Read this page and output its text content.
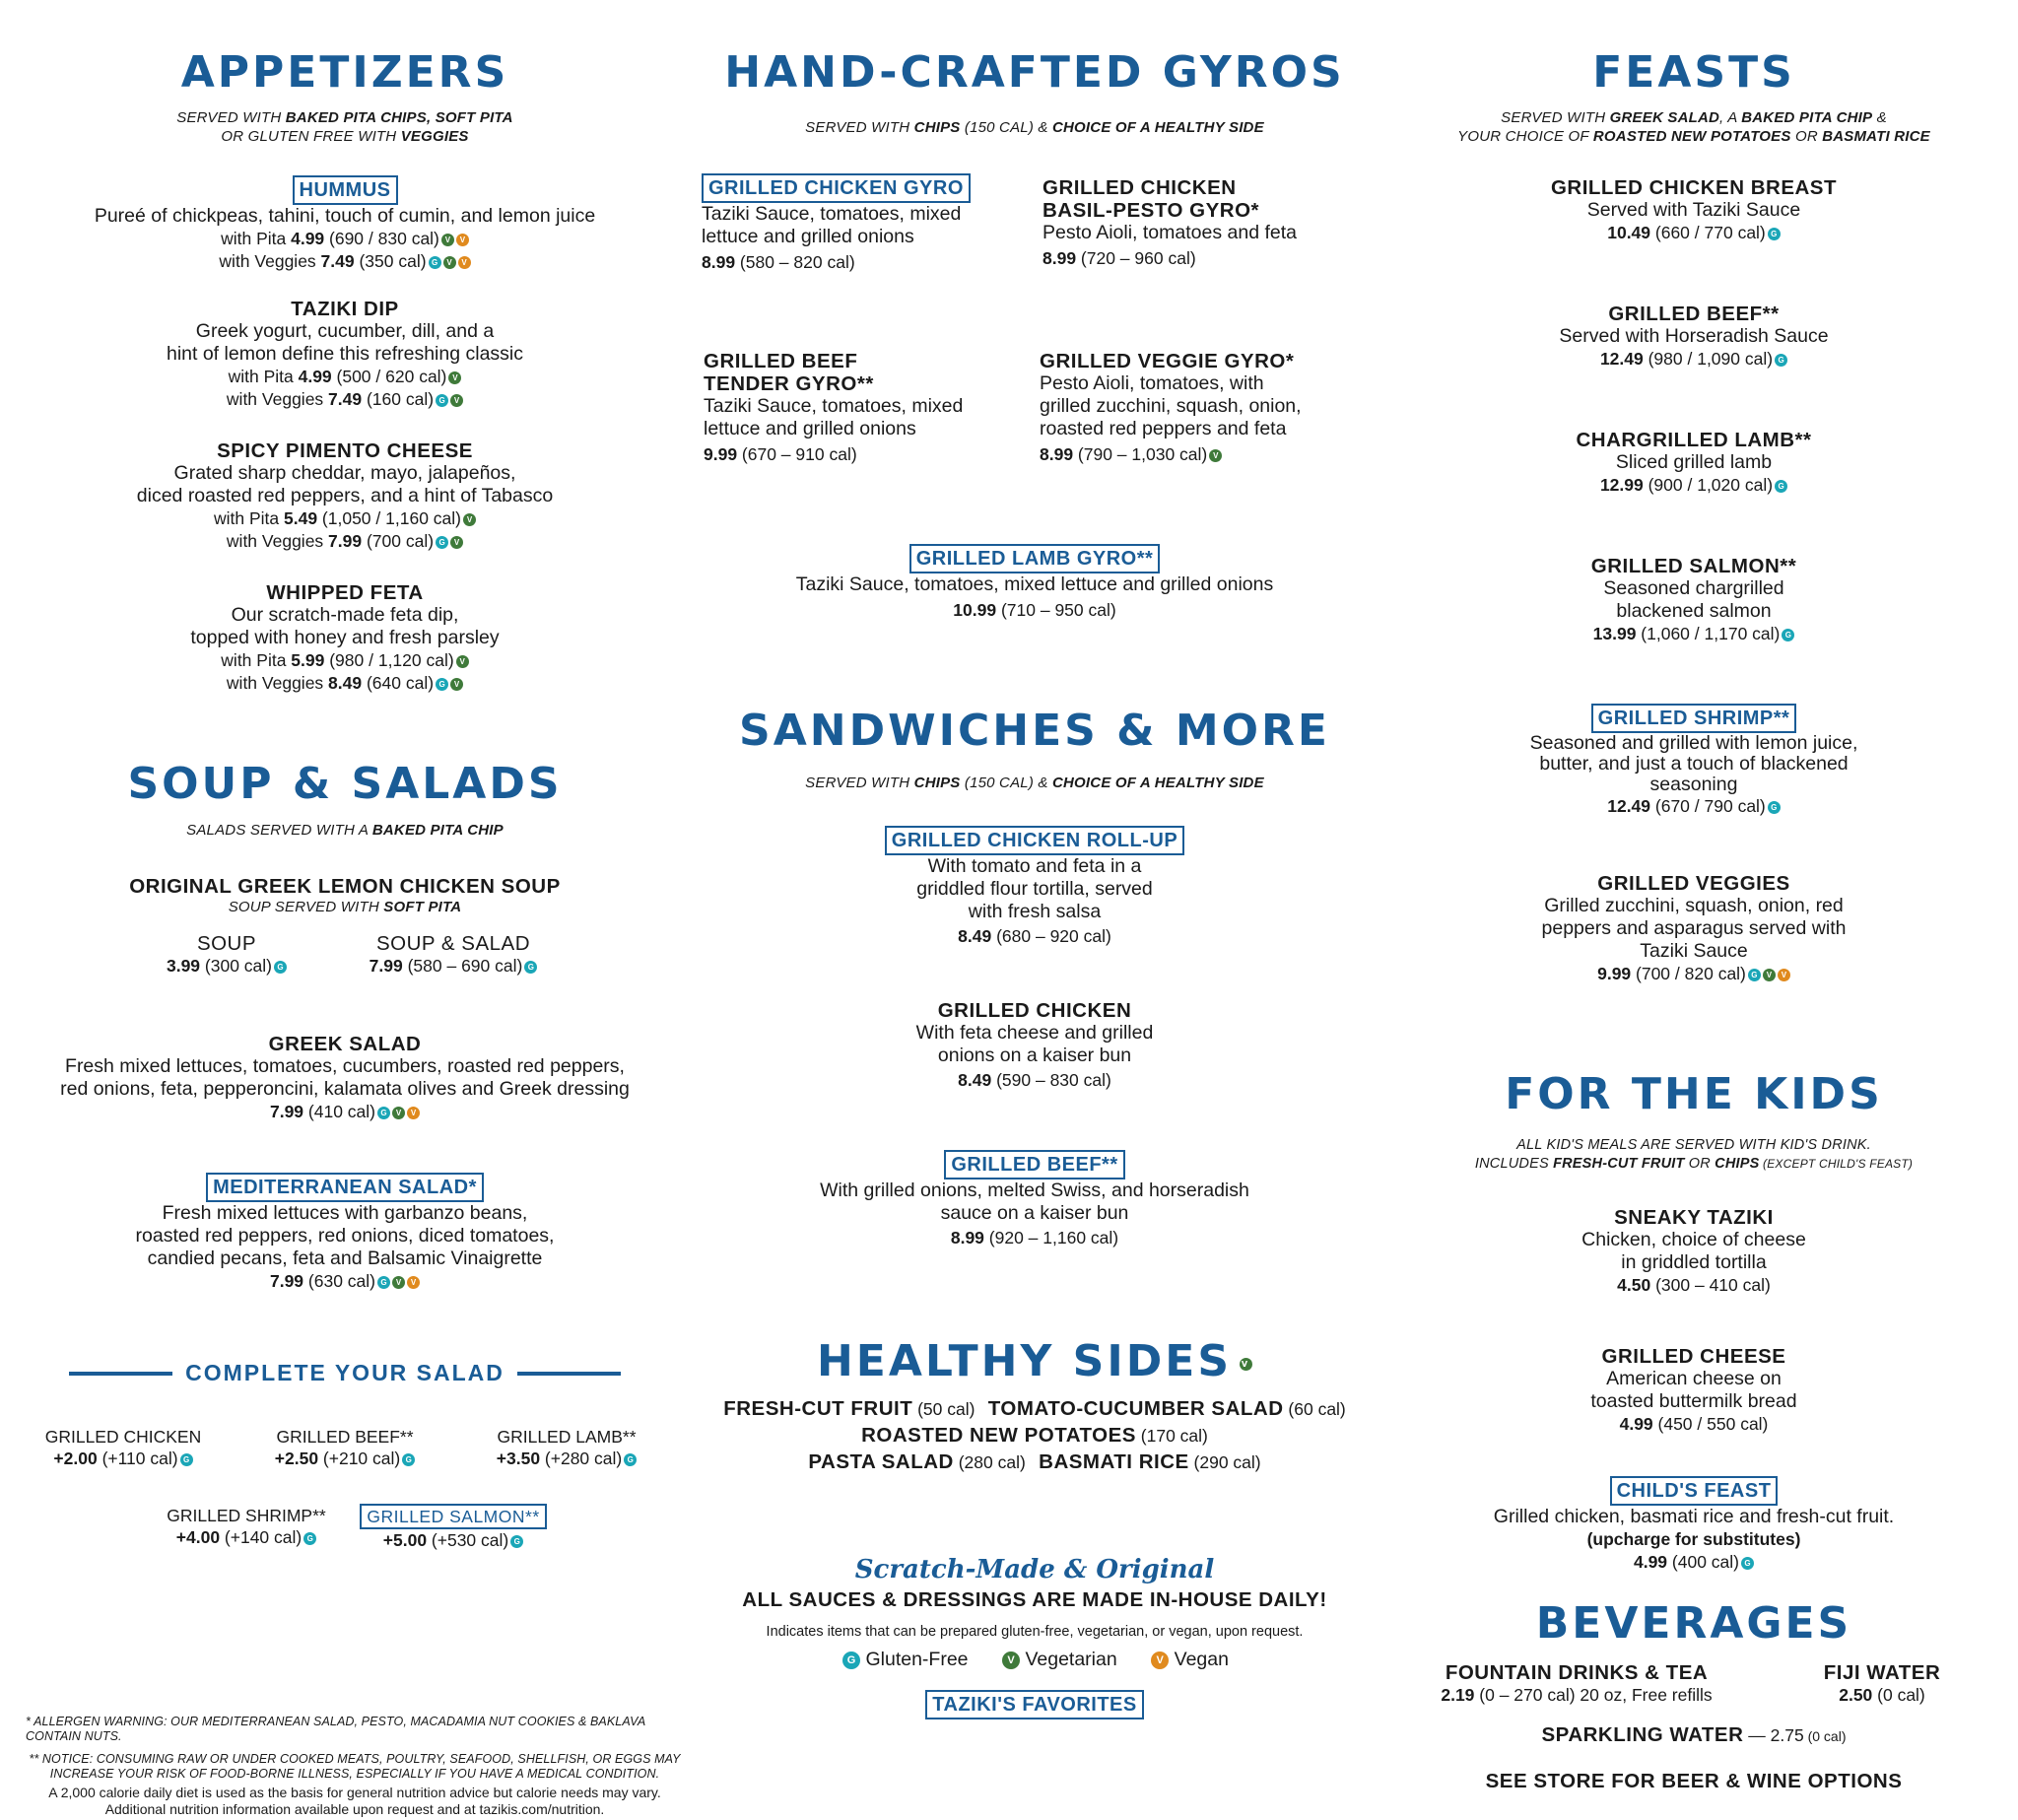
APPETIZERS
SERVED WITH BAKED PITA CHIPS, SOFT PITA
OR GLUTEN FREE WITH VEGGIES
HUMMUS
Pureé of chickpeas, tahini, touch of cumin, and lemon juice
with Pita 4.99 (690 / 830 cal) V V
with Veggies 7.49 (350 cal) G V V
TAZIKI DIP
Greek yogurt, cucumber, dill, and a
hint of lemon define this refreshing classic
with Pita 4.99 (500 / 620 cal) V
with Veggies 7.49 (160 cal) G V
SPICY PIMENTO CHEESE
Grated sharp cheddar, mayo, jalapeños,
diced roasted red peppers, and a hint of Tabasco
with Pita 5.49 (1,050 / 1,160 cal) V
with Veggies 7.99 (700 cal) G V
WHIPPED FETA
Our scratch-made feta dip,
topped with honey and fresh parsley
with Pita 5.99 (980 / 1,120 cal) V
with Veggies 8.49 (640 cal) G V
SOUP & SALADS
SALADS SERVED WITH A BAKED PITA CHIP
ORIGINAL GREEK LEMON CHICKEN SOUP
SOUP SERVED WITH SOFT PITA
SOUP
3.99 (300 cal) G
SOUP & SALAD
7.99 (580 – 690 cal) G
GREEK SALAD
Fresh mixed lettuces, tomatoes, cucumbers, roasted red peppers,
red onions, feta, pepperoncini, kalamata olives and Greek dressing
7.99 (410 cal) G V V
MEDITERRANEAN SALAD*
Fresh mixed lettuces with garbanzo beans,
roasted red peppers, red onions, diced tomatoes,
candied pecans, feta and Balsamic Vinaigrette
7.99 (630 cal) G V V
COMPLETE YOUR SALAD
GRILLED CHICKEN
+2.00 (+110 cal) G
GRILLED BEEF**
+2.50 (+210 cal) G
GRILLED LAMB**
+3.50 (+280 cal) G
GRILLED SHRIMP**
+4.00 (+140 cal) G
GRILLED SALMON**
+5.00 (+530 cal) G
* ALLERGEN WARNING: OUR MEDITERRANEAN SALAD, PESTO, MACADAMIA NUT COOKIES & BAKLAVA CONTAIN NUTS.
** NOTICE: CONSUMING RAW OR UNDER COOKED MEATS, POULTRY, SEAFOOD, SHELLFISH, OR EGGS MAY
INCREASE YOUR RISK OF FOOD-BORNE ILLNESS, ESPECIALLY IF YOU HAVE A MEDICAL CONDITION.
A 2,000 calorie daily diet is used as the basis for general nutrition advice but calorie needs may vary.
Additional nutrition information available upon request and at tazikis.com/nutrition.
HAND-CRAFTED GYROS
SERVED WITH CHIPS (150 CAL) & CHOICE OF A HEALTHY SIDE
GRILLED CHICKEN GYRO
Taziki Sauce, tomatoes, mixed
lettuce and grilled onions
8.99 (580 – 820 cal)
GRILLED CHICKEN
BASIL-PESTO GYRO*
Pesto Aioli, tomatoes and feta
8.99 (720 – 960 cal)
GRILLED BEEF
TENDER GYRO**
Taziki Sauce, tomatoes, mixed
lettuce and grilled onions
9.99 (670 – 910 cal)
GRILLED VEGGIE GYRO*
Pesto Aioli, tomatoes, with
grilled zucchini, squash, onion,
roasted red peppers and feta
8.99 (790 – 1,030 cal) V
GRILLED LAMB GYRO**
Taziki Sauce, tomatoes, mixed lettuce and grilled onions
10.99 (710 – 950 cal)
SANDWICHES & MORE
SERVED WITH CHIPS (150 CAL) & CHOICE OF A HEALTHY SIDE
GRILLED CHICKEN ROLL-UP
With tomato and feta in a
griddled flour tortilla, served
with fresh salsa
8.49 (680 – 920 cal)
GRILLED CHICKEN
With feta cheese and grilled
onions on a kaiser bun
8.49 (590 – 830 cal)
GRILLED BEEF**
With grilled onions, melted Swiss, and horseradish
sauce on a kaiser bun
8.99 (920 – 1,160 cal)
HEALTHY SIDES V
FRESH-CUT FRUIT (50 cal) TOMATO-CUCUMBER SALAD (60 cal)
ROASTED NEW POTATOES (170 cal)
PASTA SALAD (280 cal) BASMATI RICE (290 cal)
Scratch-Made & Original
ALL SAUCES & DRESSINGS ARE MADE IN-HOUSE DAILY!
Indicates items that can be prepared gluten-free, vegetarian, or vegan, upon request.
G Gluten-Free	V Vegetarian	V Vegan
TAZIKI'S FAVORITES
FEASTS
SERVED WITH GREEK SALAD, A BAKED PITA CHIP &
YOUR CHOICE OF ROASTED NEW POTATOES OR BASMATI RICE
GRILLED CHICKEN BREAST
Served with Taziki Sauce
10.49 (660 / 770 cal) G
GRILLED BEEF**
Served with Horseradish Sauce
12.49 (980 / 1,090 cal) G
CHARGRILLED LAMB**
Sliced grilled lamb
12.99 (900 / 1,020 cal) G
GRILLED SALMON**
Seasoned chargrilled
blackened salmon
13.99 (1,060 / 1,170 cal) G
GRILLED SHRIMP**
Seasoned and grilled with lemon juice,
butter, and just a touch of blackened
seasoning
12.49 (670 / 790 cal) G
GRILLED VEGGIES
Grilled zucchini, squash, onion, red
peppers and asparagus served with
Taziki Sauce
9.99 (700 / 820 cal) G V V
FOR THE KIDS
ALL KID'S MEALS ARE SERVED WITH KID'S DRINK.
INCLUDES FRESH-CUT FRUIT OR CHIPS (EXCEPT CHILD'S FEAST)
SNEAKY TAZIKI
Chicken, choice of cheese
in griddled tortilla
4.50 (300 – 410 cal)
GRILLED CHEESE
American cheese on
toasted buttermilk bread
4.99 (450 / 550 cal)
CHILD'S FEAST
Grilled chicken, basmati rice and fresh-cut fruit.
(upcharge for substitutes)
4.99 (400 cal) G
BEVERAGES
FOUNTAIN DRINKS & TEA
2.19 (0 – 270 cal) 20 oz, Free refills
FIJI WATER
2.50 (0 cal)
SPARKLING WATER — 2.75 (0 cal)
SEE STORE FOR BEER & WINE OPTIONS
